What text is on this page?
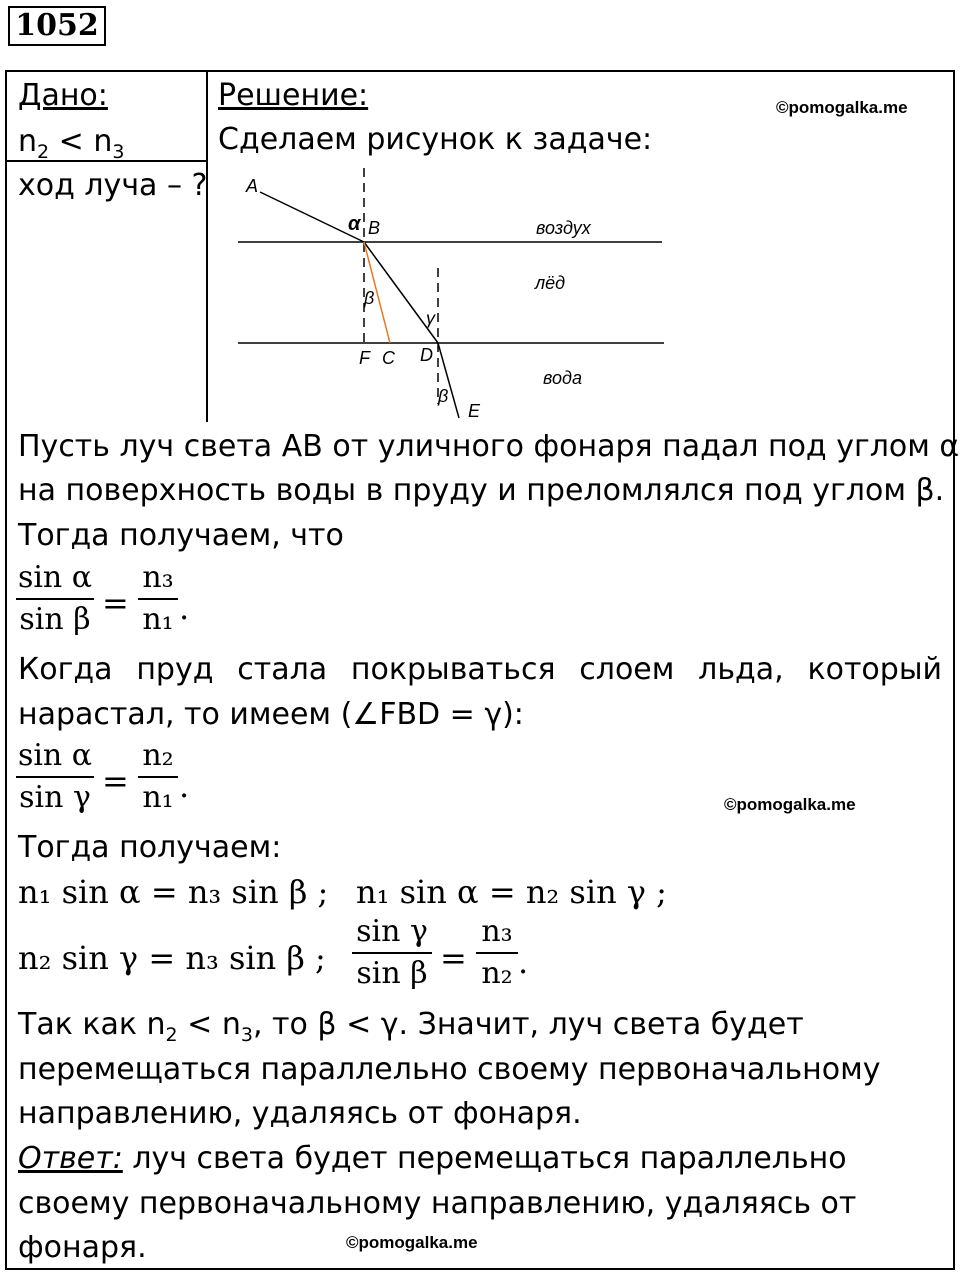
1052
Дано:
$n_2 < n_3$
ход луча – ?
Решение:	©pomogalka.me
Сделаем рисунок к задаче:
A
α B	воздух
лёд
β
γ
F C D
вода
β
E
Пусть луч света АВ от уличного фонаря падал под углом α
на поверхность воды в пруду и преломлялся под углом β.
Тогда получаем, что
sin α
sin β =
n₃
n₁ .
Когда пруд стала покрываться слоем льда, который
нарастал, то имеем (∠FBD = γ):
sin α
sin γ =
n₂
n₁ .	©pomogalka.me
Тогда получаем:
n₁ sin α = n₃ sin β ; n₁ sin α = n₂ sin γ ;
n₂ sin γ = n₃ sin β ;
sin γ
sin β =
n₃
n₂ .
Так как $n_2 < n_3$, то β < γ. Значит, луч света будет
перемещаться параллельно своему первоначальному
направлению, удаляясь от фонаря.
Ответ: луч света будет перемещаться параллельно
своему первоначальному направлению, удаляясь от
фонаря.	©pomogalka.me
